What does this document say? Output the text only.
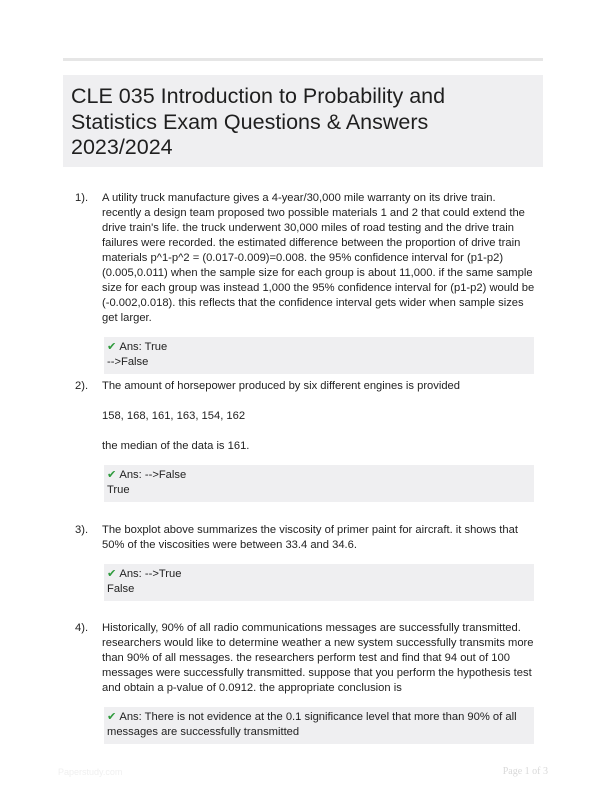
CLE 035 Introduction to Probability and Statistics Exam Questions & Answers 2023/2024
1). A utility truck manufacture gives a 4-year/30,000 mile warranty on its drive train. recently a design team proposed two possible materials 1 and 2 that could extend the drive train's life. the truck underwent 30,000 miles of road testing and the drive train failures were recorded. the estimated difference between the proportion of drive train materials p^1-p^2 = (0.017-0.009)=0.008. the 95% confidence interval for (p1-p2)(0.005,0.011) when the sample size for each group is about 11,000. if the same sample size for each group was instead 1,000 the 95% confidence interval for (p1-p2) would be (-0.002,0.018). this reflects that the confidence interval gets wider when sample sizes get larger.

✔ Ans: True
-->False
2). The amount of horsepower produced by six different engines is provided

158, 168, 161, 163, 154, 162

the median of the data is 161.

✔ Ans: -->False
True
3). The boxplot above summarizes the viscosity of primer paint for aircraft. it shows that 50% of the viscosities were between 33.4 and 34.6.

✔ Ans: -->True
False
4). Historically, 90% of all radio communications messages are successfully transmitted. researchers would like to determine weather a new system successfully transmits more than 90% of all messages. the researchers perform test and find that 94 out of 100 messages were successfully transmitted. suppose that you perform the hypothesis test and obtain a p-value of 0.0912. the appropriate conclusion is

✔ Ans: There is not evidence at the 0.1 significance level that more than 90% of all messages are successfully transmitted
Paperstudy.com	Page 1 of 3
